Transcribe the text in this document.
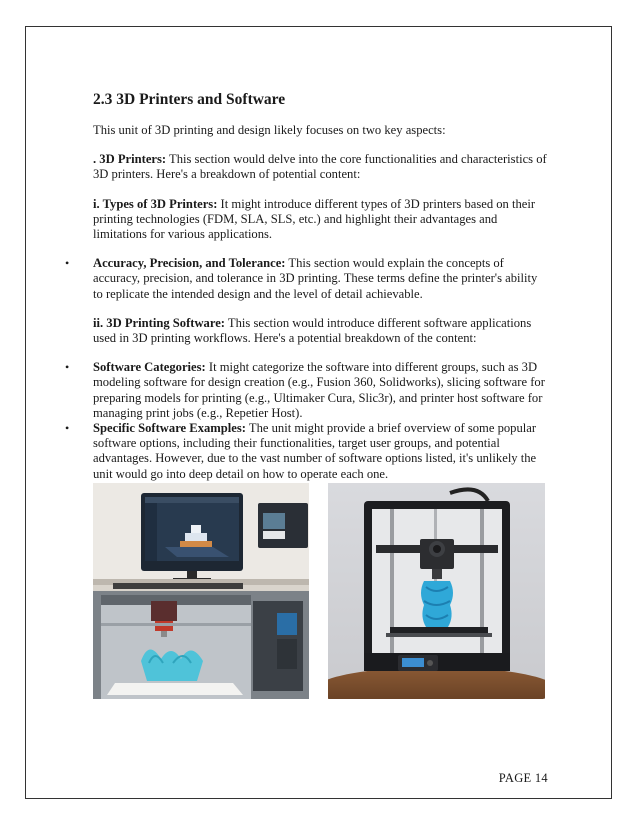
2.3 3D Printers and Software
This unit of 3D printing and design likely focuses on two key aspects:
. 3D Printers: This section would delve into the core functionalities and characteristics of 3D printers. Here's a breakdown of potential content:
i. Types of 3D Printers: It might introduce different types of 3D printers based on their printing technologies (FDM, SLA, SLS, etc.) and highlight their advantages and limitations for various applications.
• Accuracy, Precision, and Tolerance: This section would explain the concepts of accuracy, precision, and tolerance in 3D printing. These terms define the printer's ability to replicate the intended design and the level of detail achievable.
ii. 3D Printing Software: This section would introduce different software applications used in 3D printing workflows. Here's a potential breakdown of the content:
• Software Categories: It might categorize the software into different groups, such as 3D modeling software for design creation (e.g., Fusion 360, Solidworks), slicing software for preparing models for printing (e.g., Ultimaker Cura, Slic3r), and printer host software for managing print jobs (e.g., Repetier Host).
• Specific Software Examples: The unit might provide a brief overview of some popular software options, including their functionalities, target user groups, and potential advantages. However, due to the vast number of software options listed, it's unlikely the unit would go into deep detail on how to operate each one.
PAGE 14
